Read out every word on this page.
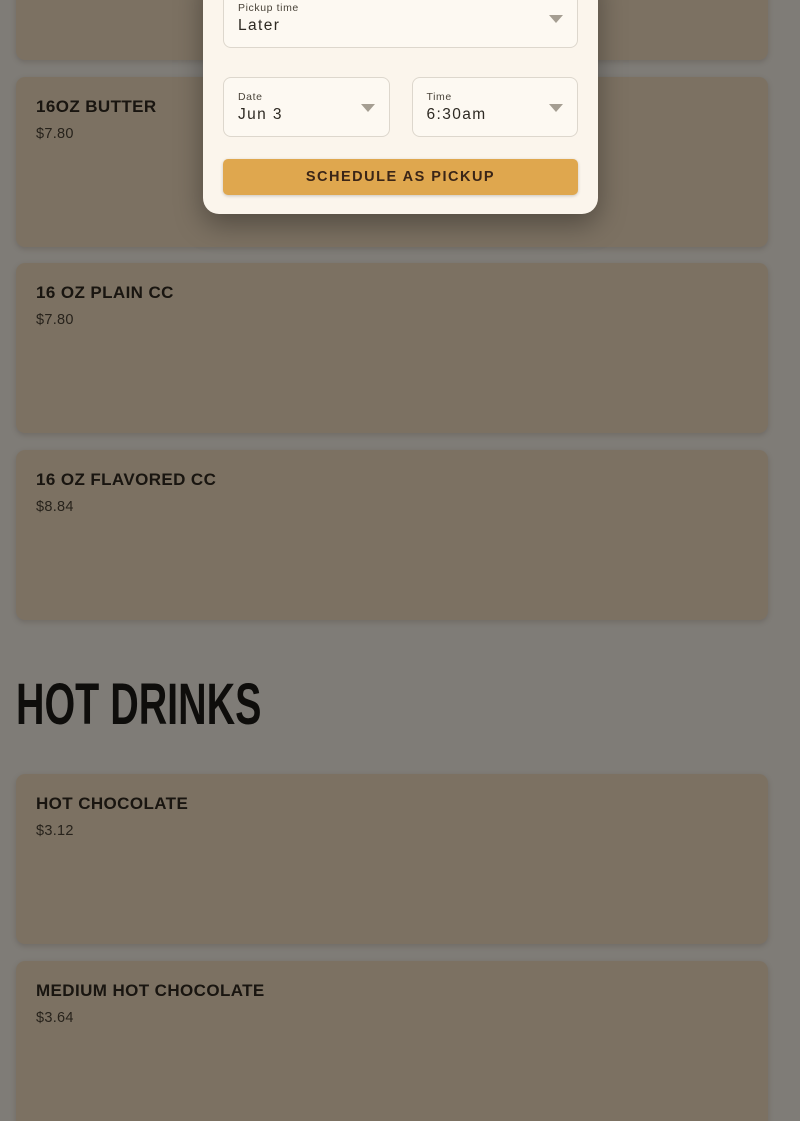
Pickup time
Later
Date
Jun 3
Time
6:30am
SCHEDULE AS PICKUP
